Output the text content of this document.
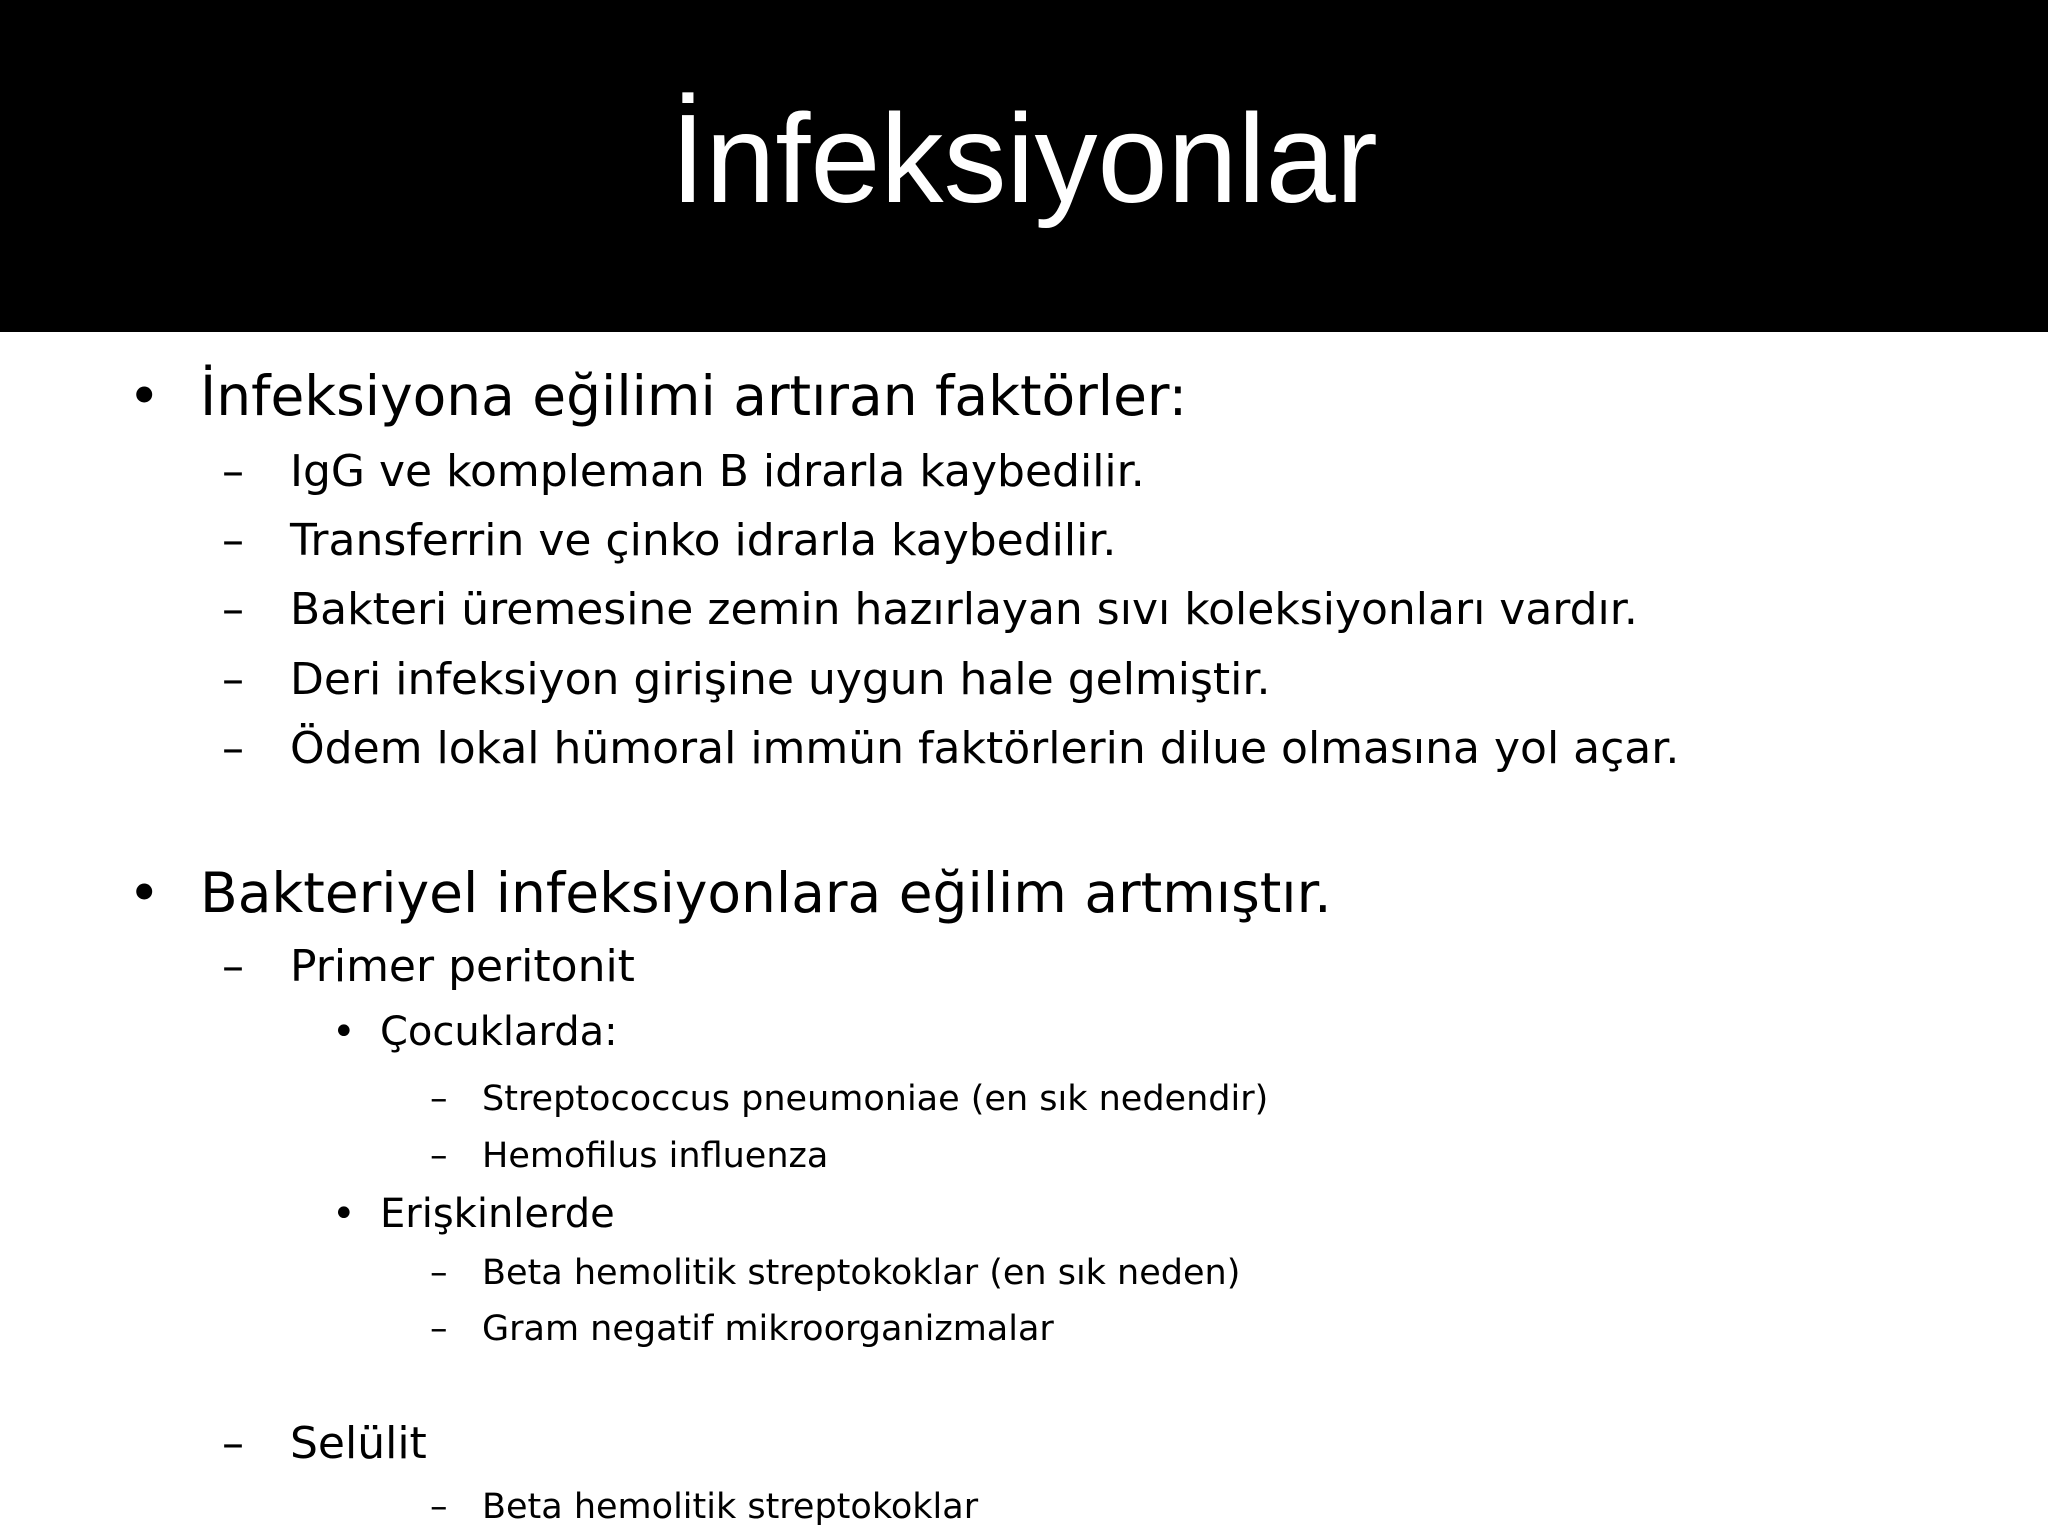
İnfeksiyonlar
• İnfeksiyona eğilimi artıran faktörler:
– IgG ve kompleman B idrarla kaybedilir.
– Transferrin ve çinko idrarla kaybedilir.
– Bakteri üremesine zemin hazırlayan sıvı koleksiyonları vardır.
– Deri infeksiyon girişine uygun hale gelmiştir.
– Ödem lokal hümoral immün faktörlerin dilue olmasına yol açar.
• Bakteriyel infeksiyonlara eğilim artmıştır.
– Primer peritonit
• Çocuklarda:
– Streptococcus pneumoniae (en sık nedendir)
– Hemofilus influenza
• Erişkinlerde
– Beta hemolitik streptokoklar (en sık neden)
– Gram negatif mikroorganizmalar
– Selülit
– Beta hemolitik streptokoklar
